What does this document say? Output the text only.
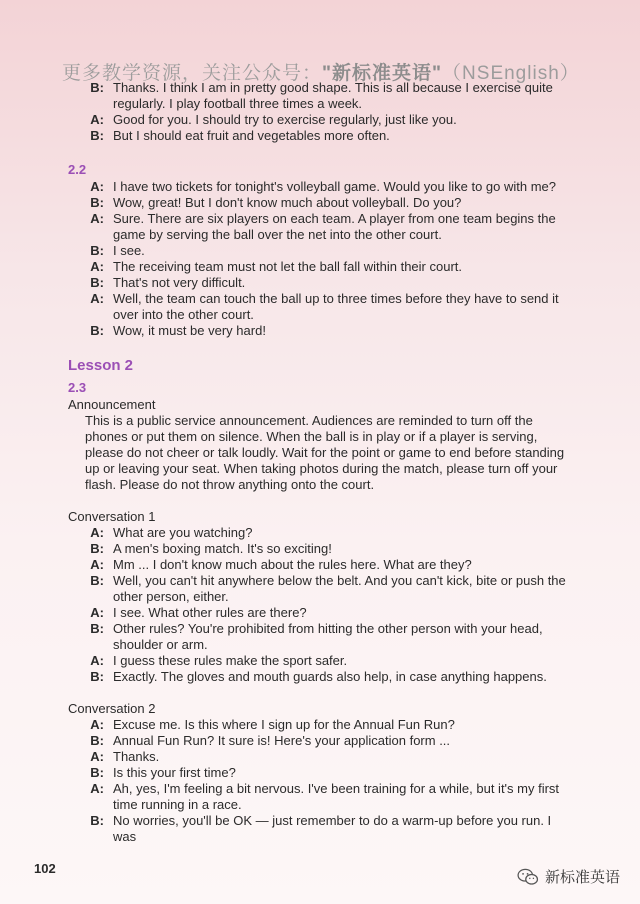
更多教学资源，关注公众号："新标准英语"（NSEnglish）
B: Thanks. I think I am in pretty good shape. This is all because I exercise quite regularly. I play football three times a week.
A: Good for you. I should try to exercise regularly, just like you.
B: But I should eat fruit and vegetables more often.
2.2
A: I have two tickets for tonight's volleyball game. Would you like to go with me?
B: Wow, great! But I don't know much about volleyball. Do you?
A: Sure. There are six players on each team. A player from one team begins the game by serving the ball over the net into the other court.
B: I see.
A: The receiving team must not let the ball fall within their court.
B: That's not very difficult.
A: Well, the team can touch the ball up to three times before they have to send it over into the other court.
B: Wow, it must be very hard!
Lesson 2
2.3
Announcement
This is a public service announcement. Audiences are reminded to turn off the phones or put them on silence. When the ball is in play or if a player is serving, please do not cheer or talk loudly. Wait for the point or game to end before standing up or leaving your seat. When taking photos during the match, please turn off your flash. Please do not throw anything onto the court.
Conversation 1
A: What are you watching?
B: A men's boxing match. It's so exciting!
A: Mm ... I don't know much about the rules here. What are they?
B: Well, you can't hit anywhere below the belt. And you can't kick, bite or push the other person, either.
A: I see. What other rules are there?
B: Other rules? You're prohibited from hitting the other person with your head, shoulder or arm.
A: I guess these rules make the sport safer.
B: Exactly. The gloves and mouth guards also help, in case anything happens.
Conversation 2
A: Excuse me. Is this where I sign up for the Annual Fun Run?
B: Annual Fun Run? It sure is! Here's your application form ...
A: Thanks.
B: Is this your first time?
A: Ah, yes, I'm feeling a bit nervous. I've been training for a while, but it's my first time running in a race.
B: No worries, you'll be OK — just remember to do a warm-up before you run. I was
102
新标准英语
